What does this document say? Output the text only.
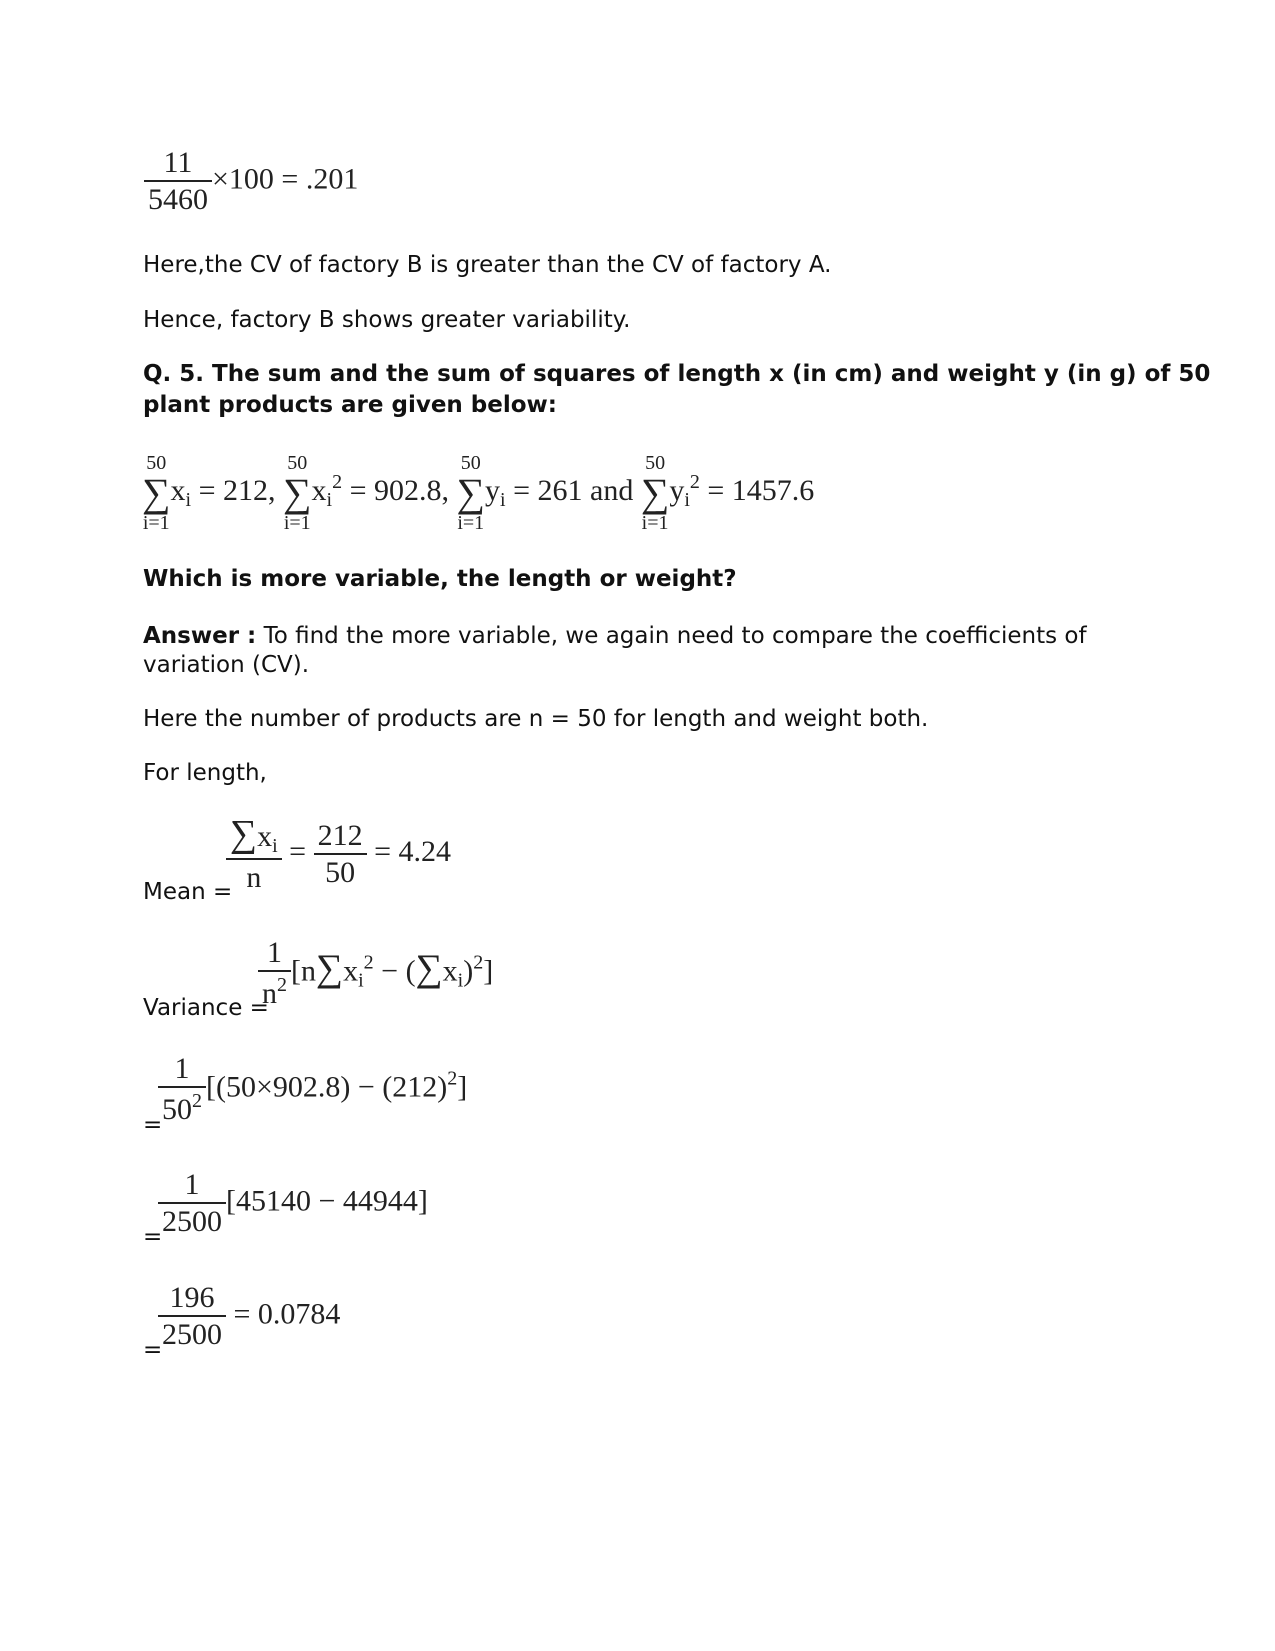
$\frac{11}{5460} \times 100 = .201$
Here,the CV of factory B is greater than the CV of factory A.
Hence, factory B shows greater variability.
Q. 5. The sum and the sum of squares of length x (in cm) and weight y (in g) of 50
plant products are given below:
50
∑
i=1
$x_i = 212$,
50
∑
i=1
$x_i^2 = 902.8$,
50
∑
i=1
$y_i = 261$ and
50
∑
i=1
$y_i^2 = 1457.6$
Which is more variable, the length or weight?
Answer : To find the more variable, we again need to compare the coefficients of
variation (CV).
Here the number of products are n = 50 for length and weight both.
For length,
Mean =
$\frac{\sum x_i}{n} = \frac{212}{50} = 4.24$
Variance =
$\frac{1}{n^2} [n\sum x_i^2 - (\sum x_i)^2]$
=
$\frac{1}{50^2} [(50\times 902.8) - (212)^2]$
=
$\frac{1}{2500} [45140 - 44944]$
=
$\frac{196}{2500} = 0.0784$
